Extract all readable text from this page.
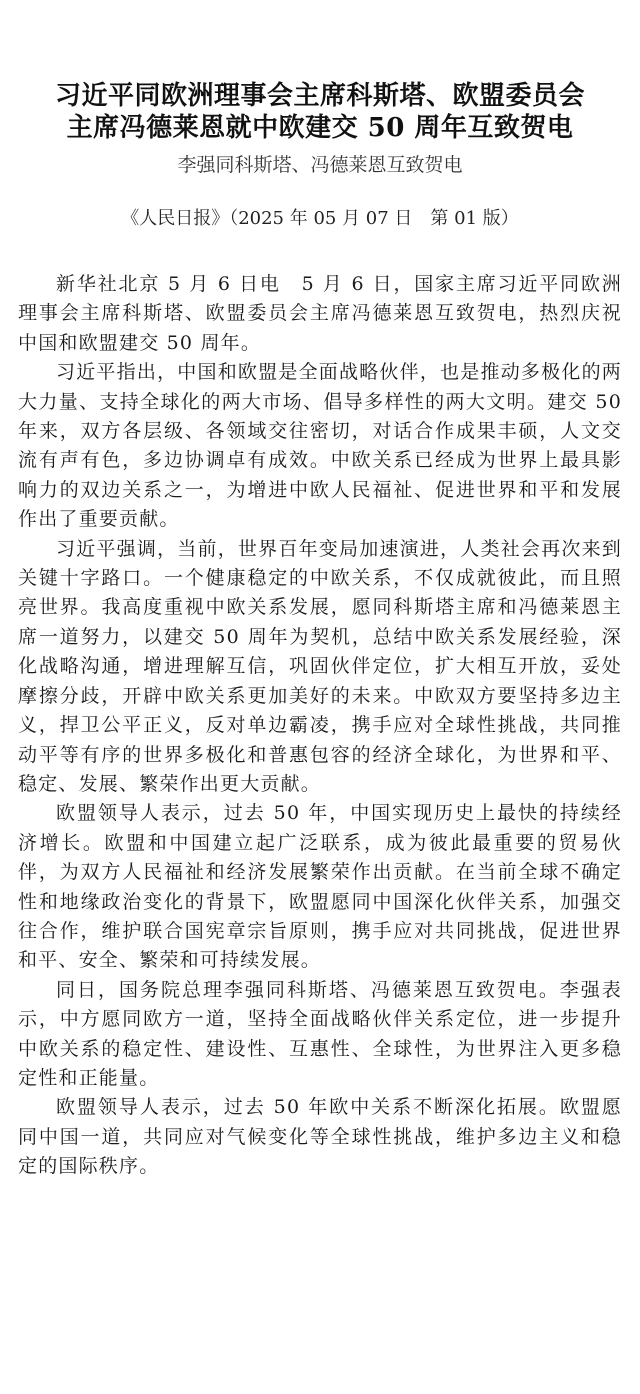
习近平同欧洲理事会主席科斯塔、欧盟委员会
主席冯德莱恩就中欧建交 50 周年互致贺电
李强同科斯塔、冯德莱恩互致贺电
《人民日报》（2025 年 05 月 07 日　第 01 版）

新华社北京 5 月 6 日电　5 月 6 日，国家主席习近平同欧洲理事会主席科斯塔、欧盟委员会主席冯德莱恩互致贺电，热烈庆祝中国和欧盟建交 50 周年。

习近平指出，中国和欧盟是全面战略伙伴，也是推动多极化的两大力量、支持全球化的两大市场、倡导多样性的两大文明。建交 50 年来，双方各层级、各领域交往密切，对话合作成果丰硕，人文交流有声有色，多边协调卓有成效。中欧关系已经成为世界上最具影响力的双边关系之一，为增进中欧人民福祉、促进世界和平和发展作出了重要贡献。

习近平强调，当前，世界百年变局加速演进，人类社会再次来到关键十字路口。一个健康稳定的中欧关系，不仅成就彼此，而且照亮世界。我高度重视中欧关系发展，愿同科斯塔主席和冯德莱恩主席一道努力，以建交 50 周年为契机，总结中欧关系发展经验，深化战略沟通，增进理解互信，巩固伙伴定位，扩大相互开放，妥处摩擦分歧，开辟中欧关系更加美好的未来。中欧双方要坚持多边主义，捍卫公平正义，反对单边霸凌，携手应对全球性挑战，共同推动平等有序的世界多极化和普惠包容的经济全球化，为世界和平、稳定、发展、繁荣作出更大贡献。

欧盟领导人表示，过去 50 年，中国实现历史上最快的持续经济增长。欧盟和中国建立起广泛联系，成为彼此最重要的贸易伙伴，为双方人民福祉和经济发展繁荣作出贡献。在当前全球不确定性和地缘政治变化的背景下，欧盟愿同中国深化伙伴关系，加强交往合作，维护联合国宪章宗旨原则，携手应对共同挑战，促进世界和平、安全、繁荣和可持续发展。

同日，国务院总理李强同科斯塔、冯德莱恩互致贺电。李强表示，中方愿同欧方一道，坚持全面战略伙伴关系定位，进一步提升中欧关系的稳定性、建设性、互惠性、全球性，为世界注入更多稳定性和正能量。

欧盟领导人表示，过去 50 年欧中关系不断深化拓展。欧盟愿同中国一道，共同应对气候变化等全球性挑战，维护多边主义和稳定的国际秩序。
